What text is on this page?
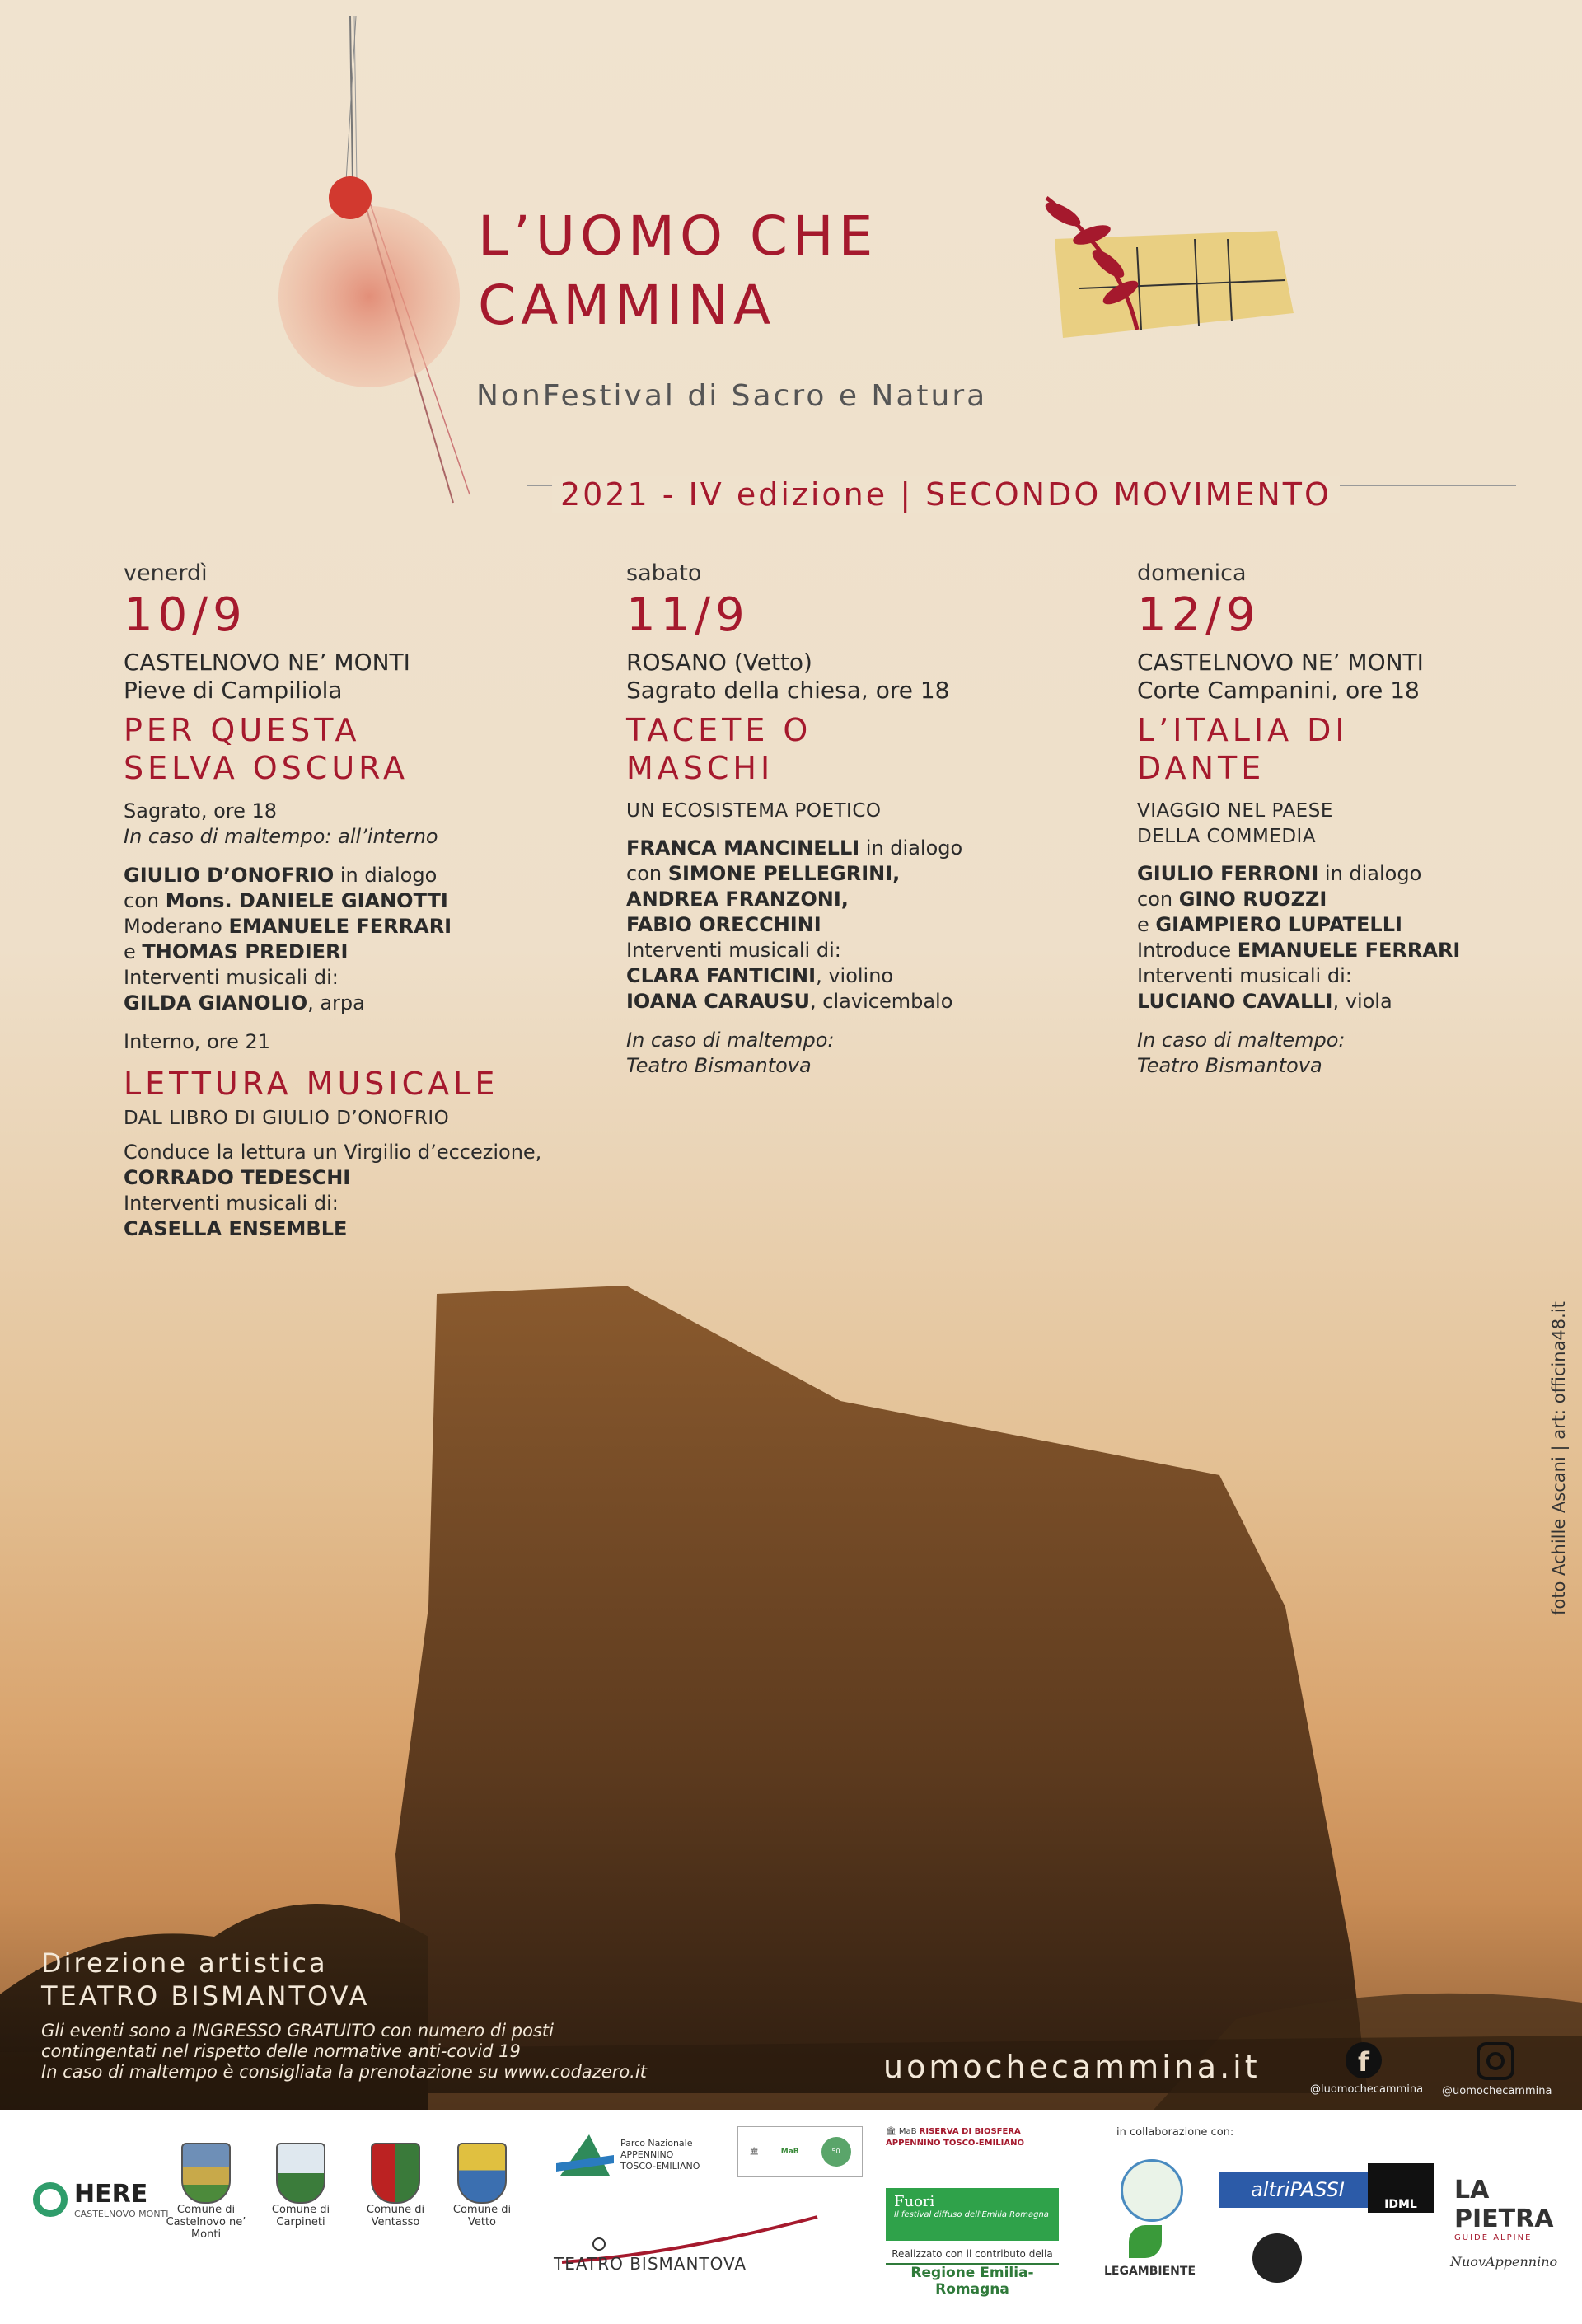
L’UOMO CHE
CAMMINA
NonFestival di Sacro e Natura
2021 - IV edizione | SECONDO MOVIMENTO
venerdì
10/9
CASTELNOVO NE’ MONTI
Pieve di Campiliola
PER QUESTA
SELVA OSCURA
Sagrato, ore 18
In caso di maltempo: all’interno
GIULIO D’ONOFRIO in dialogo
con Mons. DANIELE GIANOTTI
Moderano EMANUELE FERRARI
e THOMAS PREDIERI
Interventi musicali di:
GILDA GIANOLIO, arpa
Interno, ore 21
LETTURA MUSICALE
DAL LIBRO DI GIULIO D’ONOFRIO
Conduce la lettura un Virgilio d’eccezione,
CORRADO TEDESCHI
Interventi musicali di:
CASELLA ENSEMBLE
sabato
11/9
ROSANO (Vetto)
Sagrato della chiesa, ore 18
TACETE O
MASCHI
UN ECOSISTEMA POETICO
FRANCA MANCINELLI in dialogo
con SIMONE PELLEGRINI,
ANDREA FRANZONI,
FABIO ORECCHINI
Interventi musicali di:
CLARA FANTICINI, violino
IOANA CARAUSU, clavicembalo
In caso di maltempo:
Teatro Bismantova
domenica
12/9
CASTELNOVO NE’ MONTI
Corte Campanini, ore 18
L’ITALIA DI
DANTE
VIAGGIO NEL PAESE
DELLA COMMEDIA
GIULIO FERRONI in dialogo
con GINO RUOZZI
e GIAMPIERO LUPATELLI
Introduce EMANUELE FERRARI
Interventi musicali di:
LUCIANO CAVALLI, viola
In caso di maltempo:
Teatro Bismantova
foto Achille Ascani | art: officina48.it
Direzione artistica
TEATRO BISMANTOVA
Gli eventi sono a INGRESSO GRATUITO con numero di posti
contingentati nel rispetto delle normative anti-covid 19
In caso di maltempo è consigliata la prenotazione su www.codazero.it	uomochecammina.it	f
@luomochecammina @uomochecammina
HERE
CASTELNOVO MONTI Comune di
Castelnovo ne’ Monti
Comune di
Carpineti
Comune di
Ventasso
Comune di
Vetto
Parco Nazionale APPENNINO TOSCO-EMILIANO
🏛	MaB	50 YEARS
🏛 MaB RISERVA DI BIOSFERA APPENNINO TOSCO-EMILIANO
Fuori
Il festival diffuso dell'Emilia Romagna
Realizzato con il contributo della
Regione Emilia-Romagna
TEATRO BISMANTOVA
in collaborazione con:
altriPASSI
IDML	LA PIETRA
GUIDE ALPINE
LEGAMBIENTE
NuovAppennino
